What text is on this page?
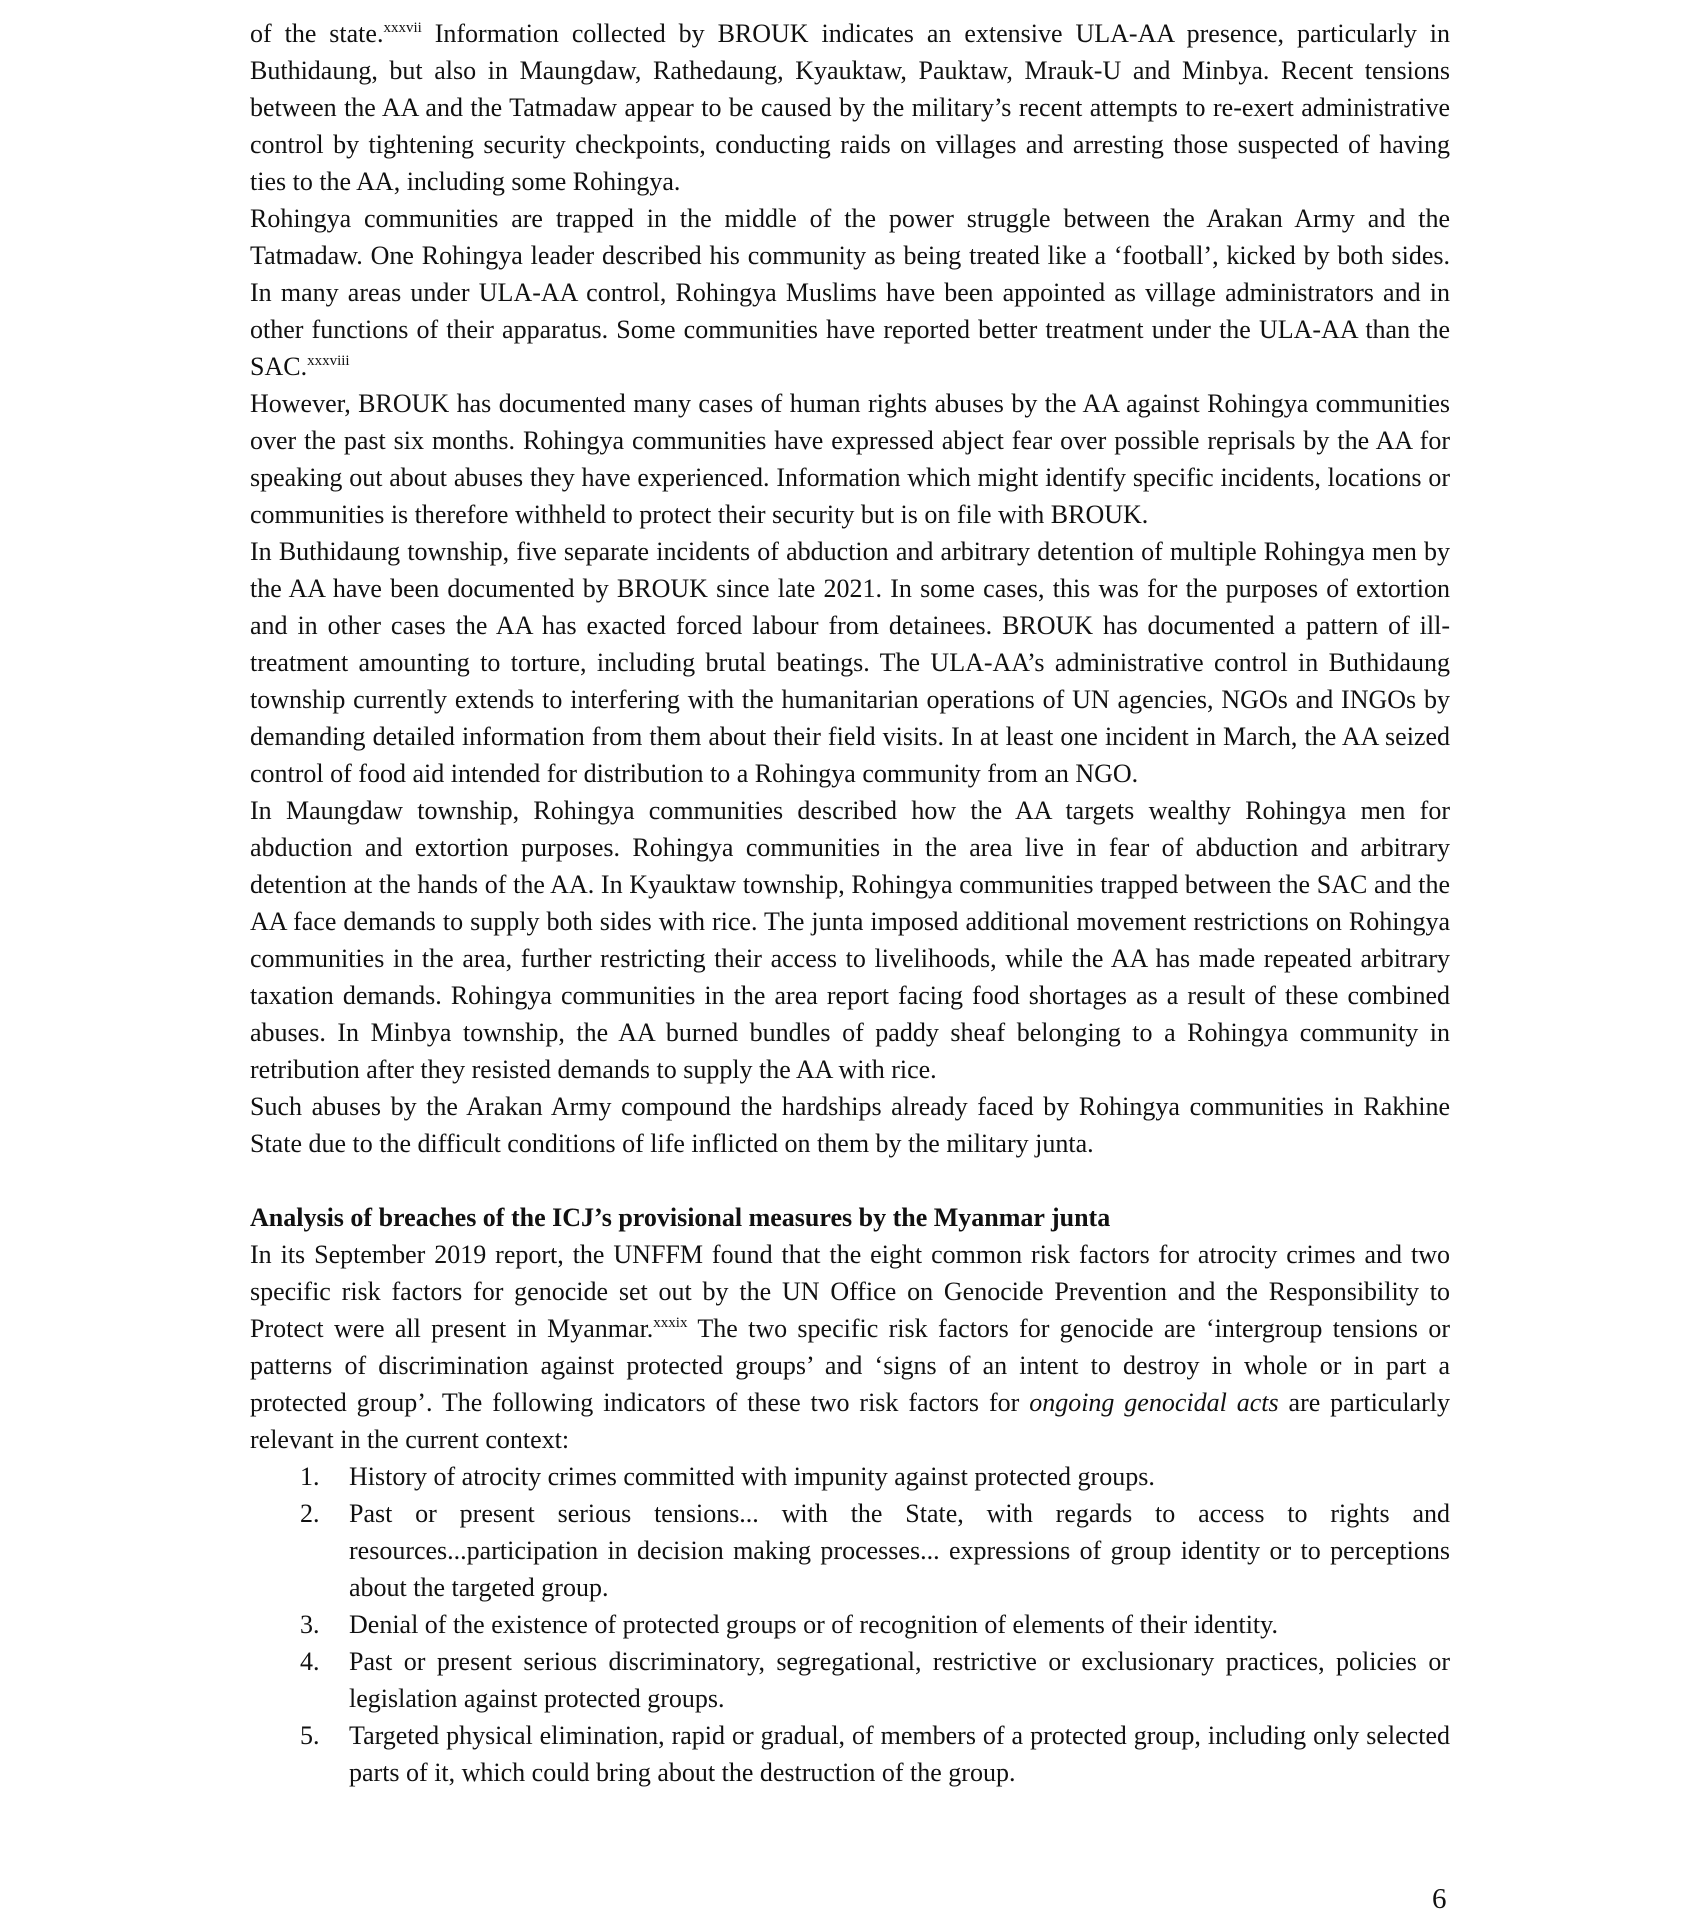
of the state.$^{xxxvii}$ Information collected by BROUK indicates an extensive ULA-AA presence, particularly in Buthidaung, but also in Maungdaw, Rathedaung, Kyauktaw, Pauktaw, Mrauk-U and Minbya. Recent tensions between the AA and the Tatmadaw appear to be caused by the military’s recent attempts to re-exert administrative control by tightening security checkpoints, conducting raids on villages and arresting those suspected of having ties to the AA, including some Rohingya.

Rohingya communities are trapped in the middle of the power struggle between the Arakan Army and the Tatmadaw. One Rohingya leader described his community as being treated like a ‘football’, kicked by both sides. In many areas under ULA-AA control, Rohingya Muslims have been appointed as village administrators and in other functions of their apparatus. Some communities have reported better treatment under the ULA-AA than the SAC.$^{xxxviii}$

However, BROUK has documented many cases of human rights abuses by the AA against Rohingya communities over the past six months. Rohingya communities have expressed abject fear over possible reprisals by the AA for speaking out about abuses they have experienced. Information which might identify specific incidents, locations or communities is therefore withheld to protect their security but is on file with BROUK.

In Buthidaung township, five separate incidents of abduction and arbitrary detention of multiple Rohingya men by the AA have been documented by BROUK since late 2021. In some cases, this was for the purposes of extortion and in other cases the AA has exacted forced labour from detainees. BROUK has documented a pattern of ill-treatment amounting to torture, including brutal beatings. The ULA-AA’s administrative control in Buthidaung township currently extends to interfering with the humanitarian operations of UN agencies, NGOs and INGOs by demanding detailed information from them about their field visits. In at least one incident in March, the AA seized control of food aid intended for distribution to a Rohingya community from an NGO.

In Maungdaw township, Rohingya communities described how the AA targets wealthy Rohingya men for abduction and extortion purposes. Rohingya communities in the area live in fear of abduction and arbitrary detention at the hands of the AA. In Kyauktaw township, Rohingya communities trapped between the SAC and the AA face demands to supply both sides with rice. The junta imposed additional movement restrictions on Rohingya communities in the area, further restricting their access to livelihoods, while the AA has made repeated arbitrary taxation demands. Rohingya communities in the area report facing food shortages as a result of these combined abuses. In Minbya township, the AA burned bundles of paddy sheaf belonging to a Rohingya community in retribution after they resisted demands to supply the AA with rice.

Such abuses by the Arakan Army compound the hardships already faced by Rohingya communities in Rakhine State due to the difficult conditions of life inflicted on them by the military junta.

Analysis of breaches of the ICJ’s provisional measures by the Myanmar junta

In its September 2019 report, the UNFFM found that the eight common risk factors for atrocity crimes and two specific risk factors for genocide set out by the UN Office on Genocide Prevention and the Responsibility to Protect were all present in Myanmar.$^{xxxix}$ The two specific risk factors for genocide are ‘intergroup tensions or patterns of discrimination against protected groups’ and ‘signs of an intent to destroy in whole or in part a protected group’. The following indicators of these two risk factors for ongoing genocidal acts are particularly relevant in the current context:

1. History of atrocity crimes committed with impunity against protected groups.
2. Past or present serious tensions... with the State, with regards to access to rights and resources...participation in decision making processes... expressions of group identity or to perceptions about the targeted group.
3. Denial of the existence of protected groups or of recognition of elements of their identity.
4. Past or present serious discriminatory, segregational, restrictive or exclusionary practices, policies or legislation against protected groups.
5. Targeted physical elimination, rapid or gradual, of members of a protected group, including only selected parts of it, which could bring about the destruction of the group.
6
